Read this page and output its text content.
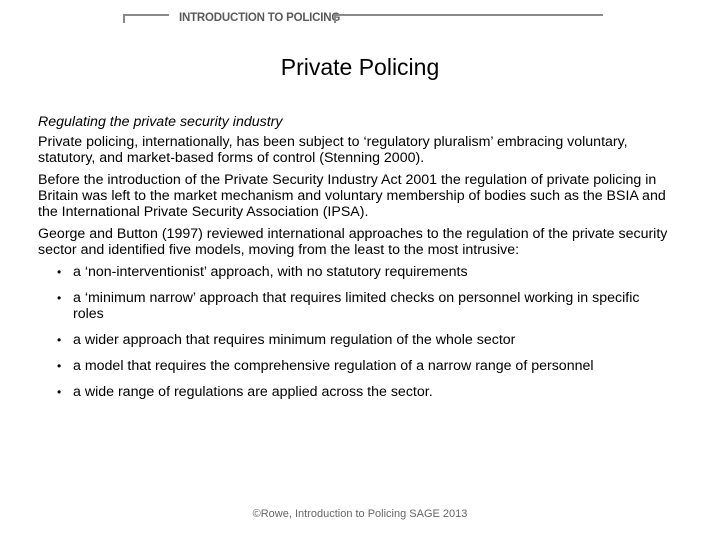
INTRODUCTION TO POLICING
Private Policing

Regulating the private security industry

Private policing, internationally, has been subject to ‘regulatory pluralism’ embracing voluntary, statutory, and market-based forms of control (Stenning 2000).

Before the introduction of the Private Security Industry Act 2001 the regulation of private policing in Britain was left to the market mechanism and voluntary membership of bodies such as the BSIA and the International Private Security Association (IPSA).

George and Button (1997) reviewed international approaches to the regulation of the private security sector and identified five models, moving from the least to the most intrusive:

• a ‘non-interventionist’ approach, with no statutory requirements
• a ‘minimum narrow’ approach that requires limited checks on personnel working in specific roles
• a wider approach that requires minimum regulation of the whole sector
• a model that requires the comprehensive regulation of a narrow range of personnel
• a wide range of regulations are applied across the sector.
©Rowe, Introduction to Policing SAGE 2013
